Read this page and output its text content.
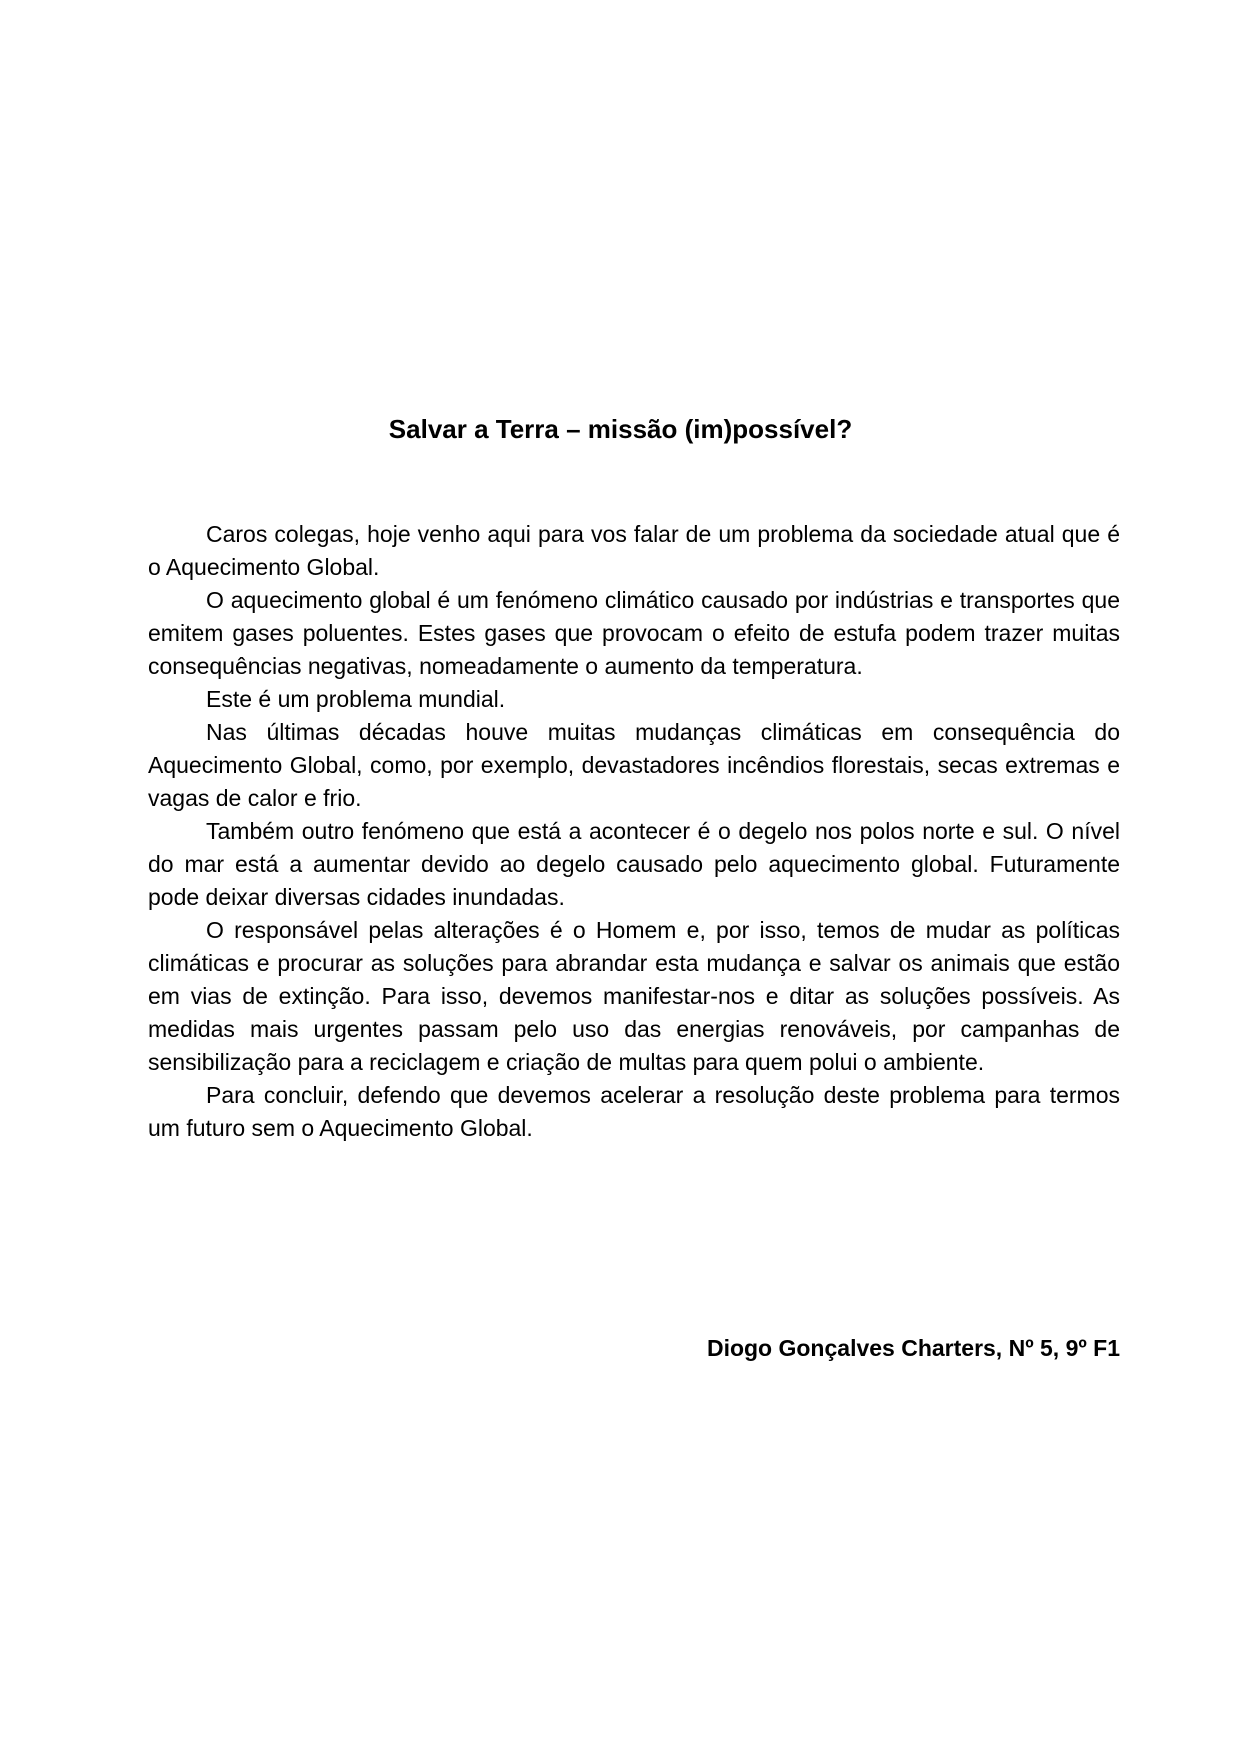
Salvar a Terra – missão (im)possível?

Caros colegas, hoje venho aqui para vos falar de um problema da sociedade atual que é o Aquecimento Global.

O aquecimento global é um fenómeno climático causado por indústrias e transportes que emitem gases poluentes. Estes gases que provocam o efeito de estufa podem trazer muitas consequências negativas, nomeadamente o aumento da temperatura.

Este é um problema mundial.

Nas últimas décadas houve muitas mudanças climáticas em consequência do Aquecimento Global, como, por exemplo, devastadores incêndios florestais, secas extremas e vagas de calor e frio.

Também outro fenómeno que está a acontecer é o degelo nos polos norte e sul. O nível do mar está a aumentar devido ao degelo causado pelo aquecimento global. Futuramente pode deixar diversas cidades inundadas.

O responsável pelas alterações é o Homem e, por isso, temos de mudar as políticas climáticas e procurar as soluções para abrandar esta mudança e salvar os animais que estão em vias de extinção. Para isso, devemos manifestar-nos e ditar as soluções possíveis. As medidas mais urgentes passam pelo uso das energias renováveis, por campanhas de sensibilização para a reciclagem e criação de multas para quem polui o ambiente.

Para concluir, defendo que devemos acelerar a resolução deste problema para termos um futuro sem o Aquecimento Global.

Diogo Gonçalves Charters, Nº 5, 9º F1
